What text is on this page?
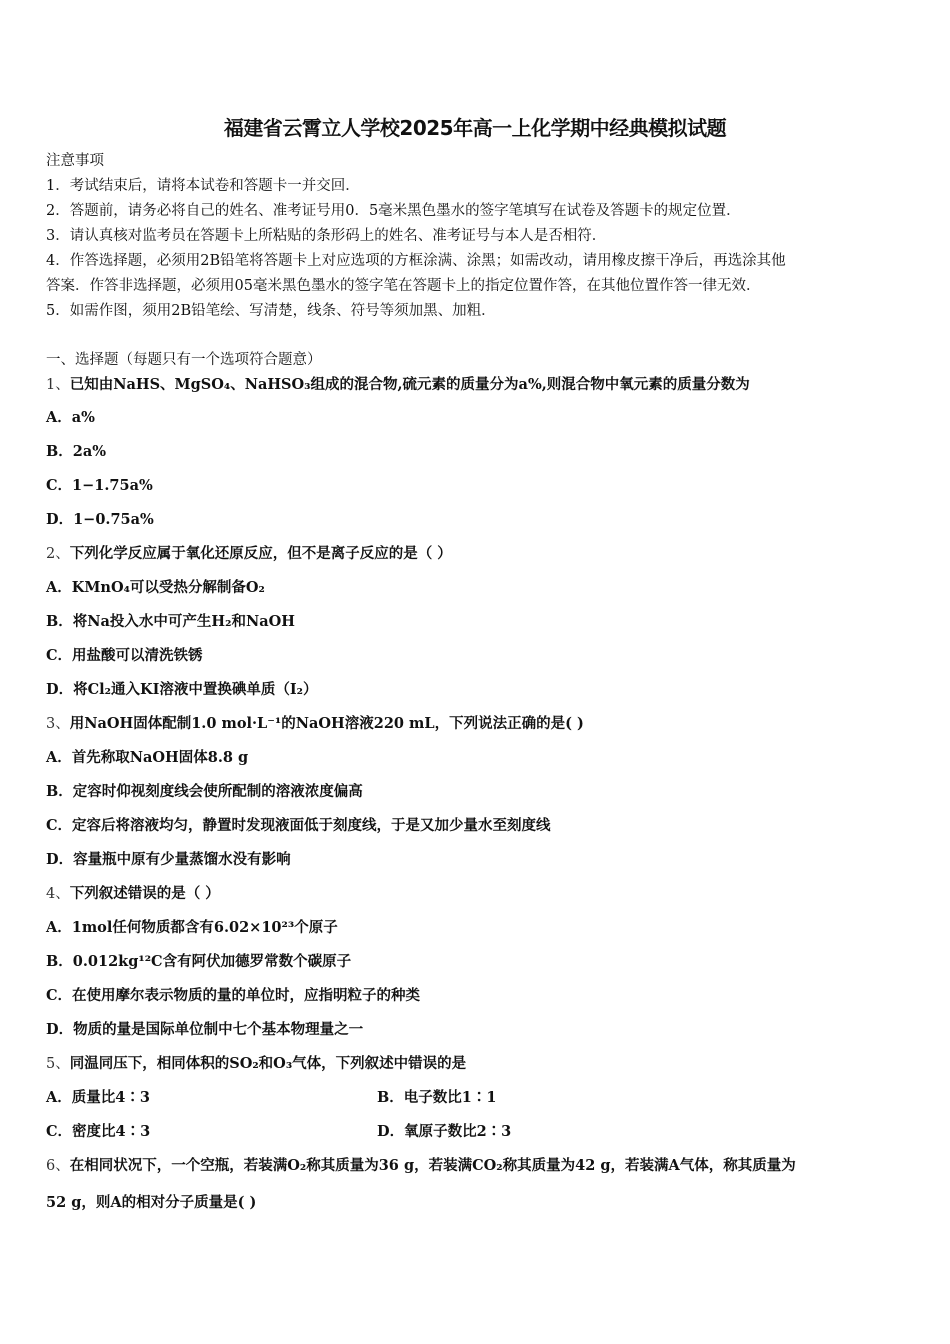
福建省云霄立人学校2025年高一上化学期中经典模拟试题
注意事项
1．考试结束后，请将本试卷和答题卡一并交回．
2．答题前，请务必将自己的姓名、准考证号用0．5毫米黑色墨水的签字笔填写在试卷及答题卡的规定位置．
3．请认真核对监考员在答题卡上所粘贴的条形码上的姓名、准考证号与本人是否相符．
4．作答选择题，必须用2B铅笔将答题卡上对应选项的方框涂满、涂黑；如需改动，请用橡皮擦干净后，再选涂其他
答案．作答非选择题，必须用05毫米黑色墨水的签字笔在答题卡上的指定位置作答，在其他位置作答一律无效．
5．如需作图，须用2B铅笔绘、写清楚，线条、符号等须加黑、加粗．
一、选择题（每题只有一个选项符合题意）
1、已知由NaHS、MgSO₄、NaHSO₃组成的混合物,硫元素的质量分为a%,则混合物中氧元素的质量分数为
A．a%
B．2a%
C．1−1.75a%
D．1−0.75a%
2、下列化学反应属于氧化还原反应，但不是离子反应的是（ ）
A．KMnO₄可以受热分解制备O₂
B．将Na投入水中可产生H₂和NaOH
C．用盐酸可以清洗铁锈
D．将Cl₂通入KI溶液中置换碘单质（I₂）
3、用NaOH固体配制1.0 mol·L⁻¹的NaOH溶液220 mL，下列说法正确的是( )
A．首先称取NaOH固体8.8 g
B．定容时仰视刻度线会使所配制的溶液浓度偏高
C．定容后将溶液均匀，静置时发现液面低于刻度线，于是又加少量水至刻度线
D．容量瓶中原有少量蒸馏水没有影响
4、下列叙述错误的是（ ）
A．1mol任何物质都含有6.02×10²³个原子
B．0.012kg¹²C含有阿伏加德罗常数个碳原子
C．在使用摩尔表示物质的量的单位时，应指明粒子的种类
D．物质的量是国际单位制中七个基本物理量之一
5、同温同压下，相同体积的SO₂和O₃气体，下列叙述中错误的是
A．质量比4∶3	B．电子数比1∶1
C．密度比4∶3	D．氧原子数比2∶3
6、在相同状况下，一个空瓶，若装满O₂称其质量为36 g，若装满CO₂称其质量为42 g，若装满A气体，称其质量为
52 g，则A的相对分子质量是( )
